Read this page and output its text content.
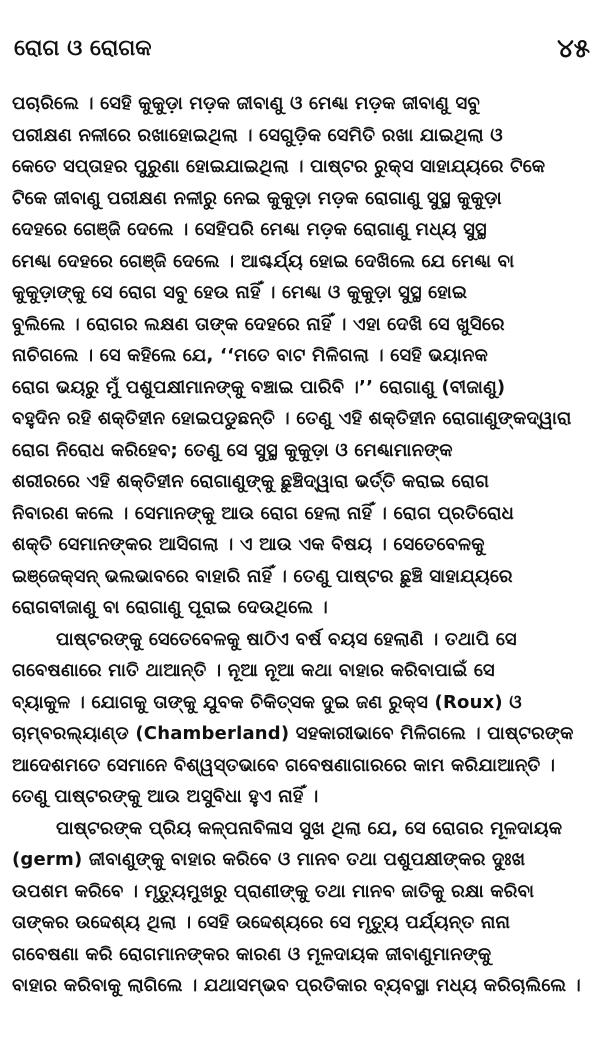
ରୋଗ ଓ ରୋଗକ	୪୫
ପଚାରିଲେ । ସେହି କୁକୁଡ଼ା ମଡ଼କ ଜୀବାଣୁ ଓ ମେଣ୍ଢା ମଡ଼କ ଜୀବାଣୁ ସବୁ
ପରୀକ୍ଷଣ ନଳୀରେ ରଖାହୋଇଥିଲା । ସେଗୁଡ଼ିକ ସେମିତି ରଖା ଯାଇଥିଲା ଓ
କେତେ ସପ୍ତାହର ପୁରୁଣା ହୋଇଯାଇଥିଲା । ପାଷ୍ଟର ରୁକ୍ସ ସାହାଯ୍ୟରେ ଟିକେ
ଟିକେ ଜୀବାଣୁ ପରୀକ୍ଷଣ ନଳୀରୁ ନେଇ କୁକୁଡ଼ା ମଡ଼କ ରୋଗାଣୁ ସୁସ୍ଥ କୁକୁଡ଼ା
ଦେହରେ ଗେଞ୍ଜି ଦେଲେ । ସେହିପରି ମେଣ୍ଢା ମଡ଼କ ରୋଗାଣୁ ମଧ୍ୟ ସୁସ୍ଥ
ମେଣ୍ଢା ଦେହରେ ଗେଞ୍ଜି ଦେଲେ । ଆଶ୍ଚର୍ଯ୍ୟ ହୋଇ ଦେଖିଲେ ଯେ ମେଣ୍ଢା ବା
କୁକୁଡ଼ାଙ୍କୁ ସେ ରୋଗ ସବୁ ହେଉ ନାହିଁ । ମେଣ୍ଢା ଓ କୁକୁଡ଼ା ସୁସ୍ଥ ହୋଇ
ବୁଲିଲେ । ରୋଗର ଲକ୍ଷଣ ତାଙ୍କ ଦେହରେ ନାହିଁ । ଏହା ଦେଖି ସେ ଖୁସିରେ
ନାଚିଗଲେ । ସେ କହିଲେ ଯେ, ‘‘ମତେ ବାଟ ମିଳିଗଲା । ସେହି ଭୟାନକ
ରୋଗ ଭୟରୁ ମୁଁ ପଶୁପକ୍ଷୀମାନଙ୍କୁ ବଞ୍ଚାଇ ପାରିବି ।’’ ରୋଗାଣୁ (ବୀଜାଣୁ)
ବହୁଦିନ ରହି ଶକ୍ତିହୀନ ହୋଇପଡୁଛନ୍ତି । ତେଣୁ ଏହି ଶକ୍ତିହୀନ ରୋଗାଣୁଙ୍କଦ୍ୱାରା
ରୋଗ ନିରୋଧ କରିହେବ; ତେଣୁ ସେ ସୁସ୍ଥ କୁକୁଡ଼ା ଓ ମେଣ୍ଢାମାନଙ୍କ
ଶରୀରରେ ଏହି ଶକ୍ତିହୀନ ରୋଗାଣୁଙ୍କୁ ଛୁଞ୍ଚିଦ୍ୱାରା ଭର୍ତ୍ତି କରାଇ ରୋଗ
ନିବାରଣ କଲେ । ସେମାନଙ୍କୁ ଆଉ ରୋଗ ହେଲା ନାହିଁ । ରୋଗ ପ୍ରତିରୋଧ
ଶକ୍ତି ସେମାନଙ୍କର ଆସିଗଲା । ଏ ଆଉ ଏକ ବିଷୟ । ସେତେବେଳକୁ
ଇଞ୍ଜେକ୍ସନ୍ ଭଲଭାବରେ ବାହାରି ନାହିଁ । ତେଣୁ ପାଷ୍ଟର ଛୁଞ୍ଚି ସାହାଯ୍ୟରେ
ରୋଗବୀଜାଣୁ ବା ରୋଗାଣୁ ପୂରାଇ ଦେଉଥିଲେ ।
ପାଷ୍ଟରଙ୍କୁ ସେତେବେଳକୁ ଷାଠିଏ ବର୍ଷ ବୟସ ହେଲାଣି । ତଥାପି ସେ
ଗବେଷଣାରେ ମାତି ଥାଆନ୍ତି । ନୂଆ ନୂଆ କଥା ବାହାର କରିବାପାଇଁ ସେ
ବ୍ୟାକୁଳ । ଯୋଗକୁ ତାଙ୍କୁ ଯୁବକ ଚିକିତ୍ସକ ଦୁଇ ଜଣ ରୁକ୍ସ (Roux) ଓ
ଚାମ୍ବରଲ୍ୟାଣ୍ଡ (Chamberland) ସହକାରୀଭାବେ ମିଳିଗଲେ । ପାଷ୍ଟରଙ୍କ
ଆଦେଶମତେ ସେମାନେ ବିଶ୍ୱସ୍ତଭାବେ ଗବେଷଣାଗାରରେ କାମ କରିଯାଆନ୍ତି ।
ତେଣୁ ପାଷ୍ଟରଙ୍କୁ ଆଉ ଅସୁବିଧା ହୁଏ ନାହିଁ ।
ପାଷ୍ଟରଙ୍କ ପ୍ରିୟ କଳ୍ପନାବିଳାସ ସୁଖ ଥିଲା ଯେ, ସେ ରୋଗର ମୂଳଦାୟକ
(germ) ଜୀବାଣୁଙ୍କୁ ବାହାର କରିବେ ଓ ମାନବ ତଥା ପଶୁପକ୍ଷୀଙ୍କର ଦୁଃଖ
ଉପଶମ କରିବେ । ମୃତ୍ୟୁମୁଖରୁ ପ୍ରାଣୀଙ୍କୁ ତଥା ମାନବ ଜାତିକୁ ରକ୍ଷା କରିବା
ତାଙ୍କର ଉଦ୍ଦେଶ୍ୟ ଥିଲା । ସେହି ଉଦ୍ଦେଶ୍ୟରେ ସେ ମୃତ୍ୟୁ ପର୍ଯ୍ୟନ୍ତ ନାନା
ଗବେଷଣା କରି ରୋଗମାନଙ୍କର କାରଣ ଓ ମୂଳଦାୟକ ଜୀବାଣୁମାନଙ୍କୁ
ବାହାର କରିବାକୁ ଲାଗିଲେ । ଯଥାସମ୍ଭବ ପ୍ରତିକାର ବ୍ୟବସ୍ଥା ମଧ୍ୟ କରିଚାଲିଲେ ।
